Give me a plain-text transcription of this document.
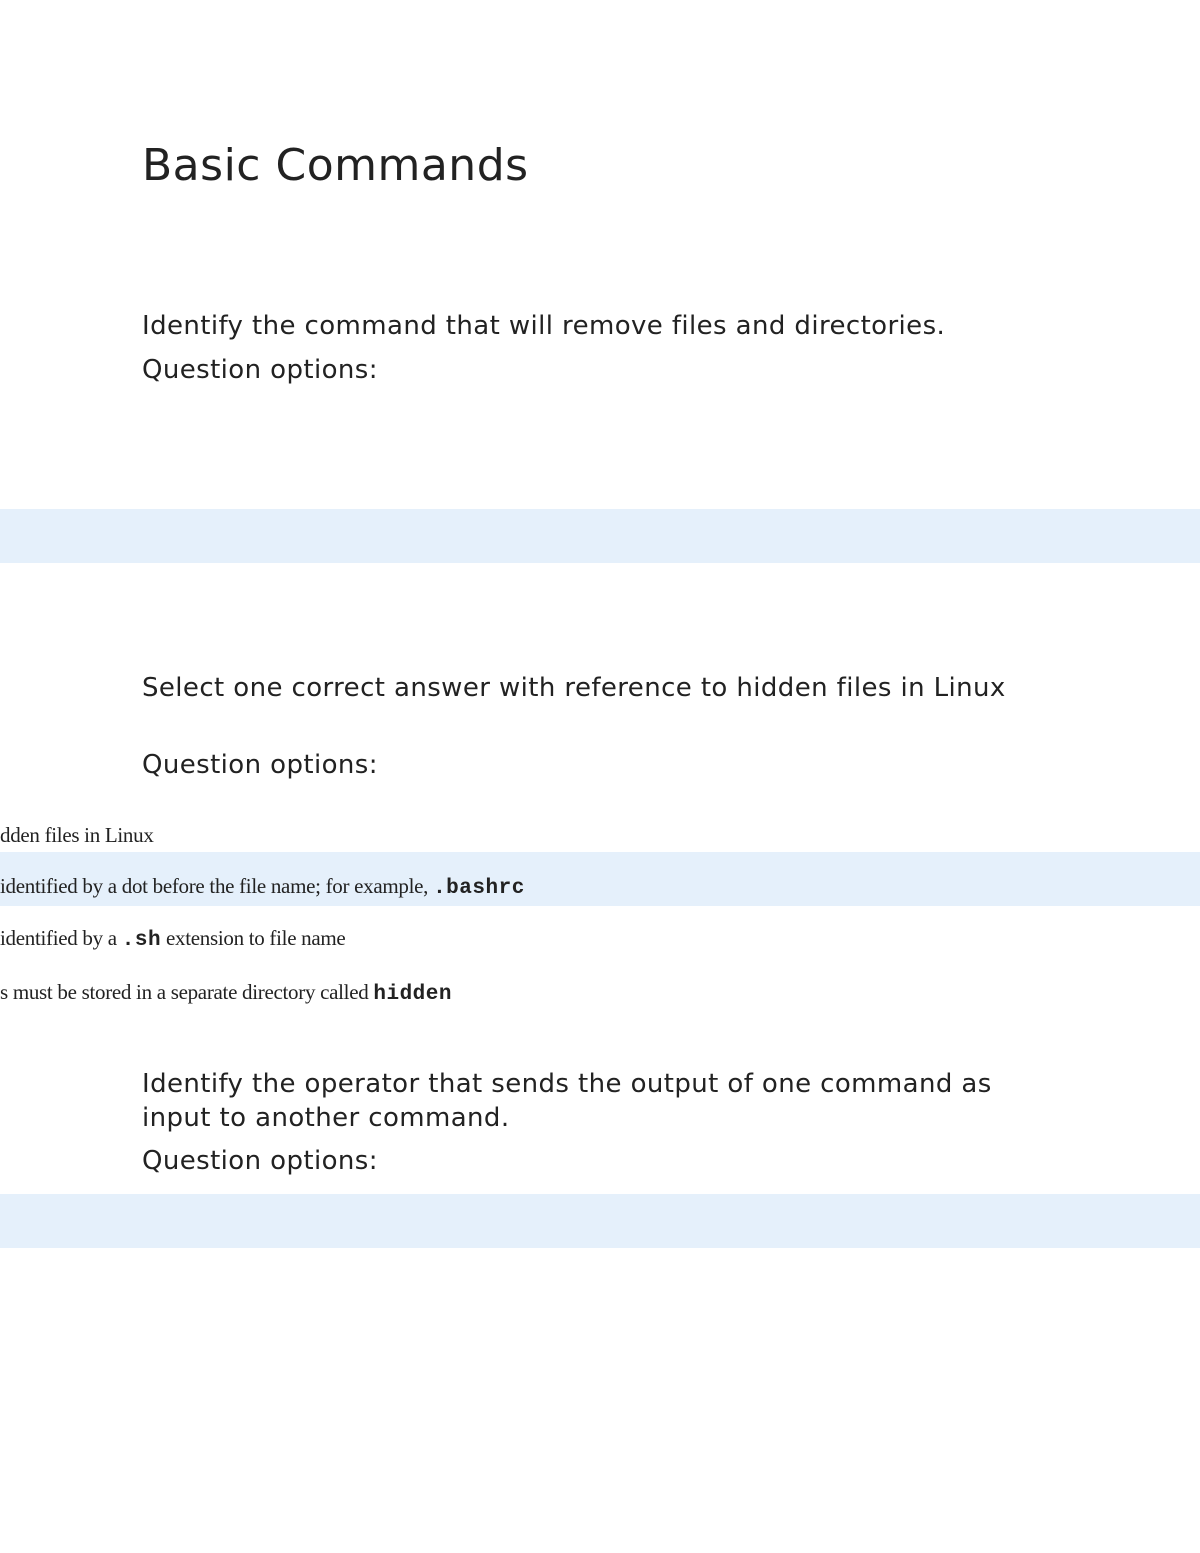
Basic Commands

Identify the command that will remove files and directories.

Question options:

Select one correct answer with reference to hidden files in Linux

Question options:

dden files in Linux

identified by a dot before the file name; for example, .bashrc

identified by a .sh extension to file name

s must be stored in a separate directory called hidden

Identify the operator that sends the output of one command as input to another command.

Question options:
